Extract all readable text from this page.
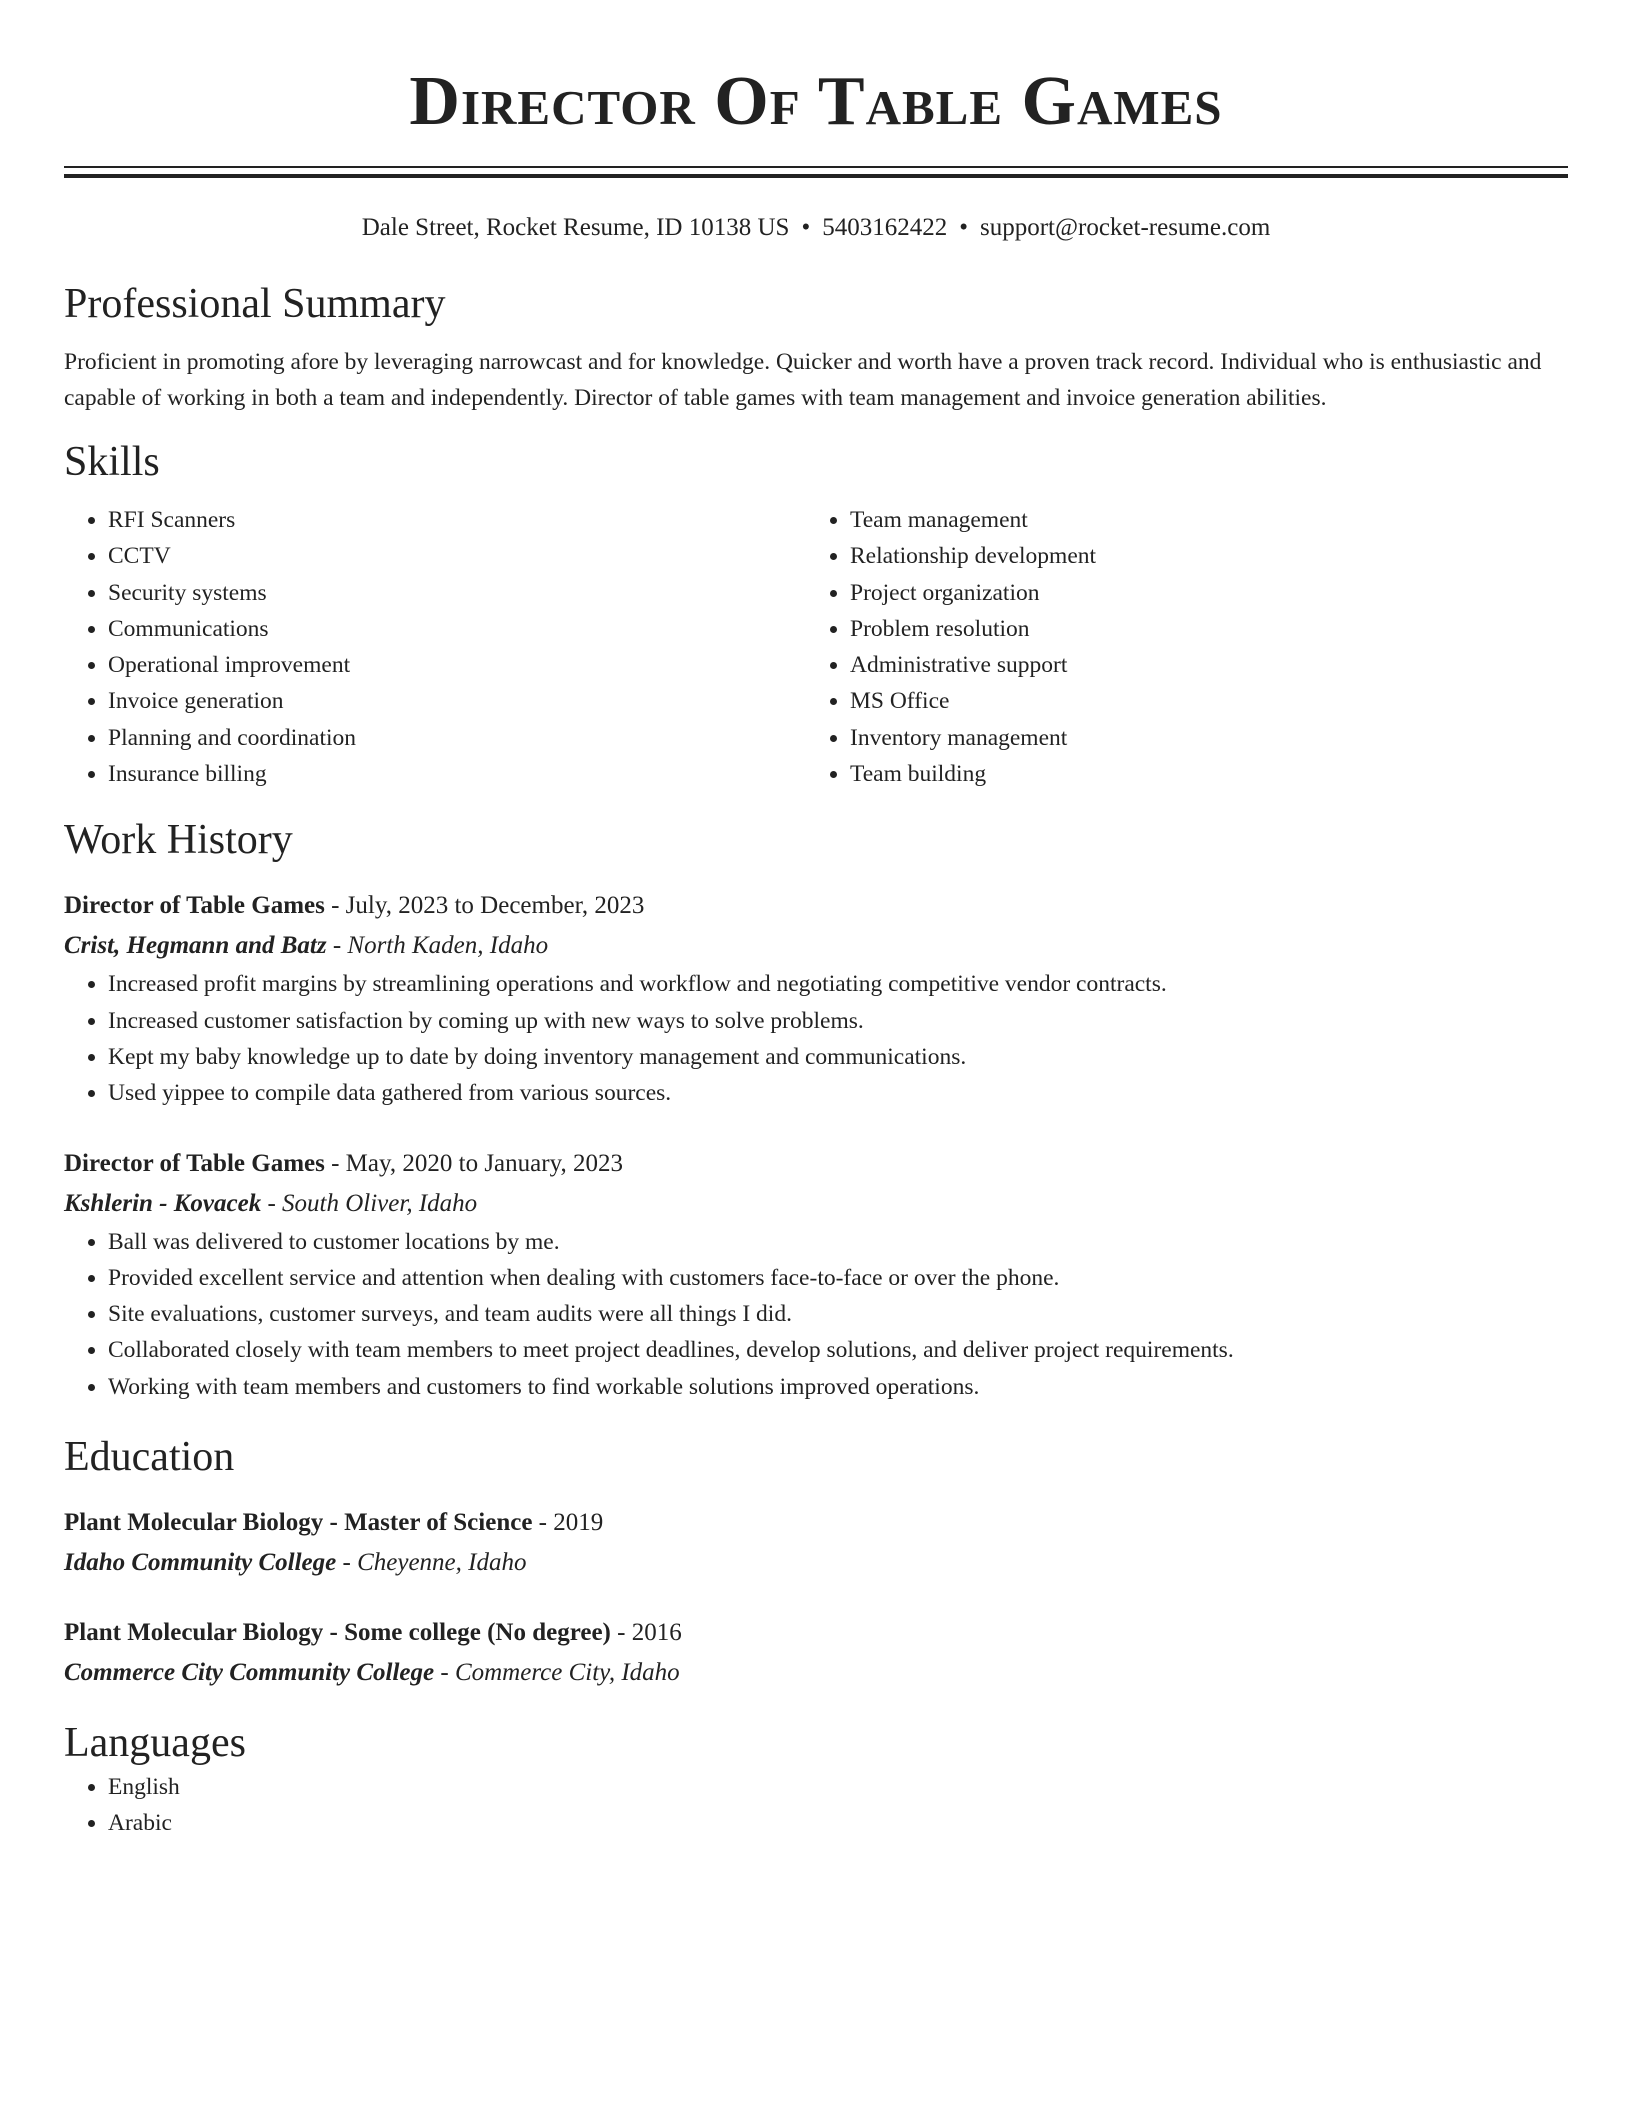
Director Of Table Games
Dale Street, Rocket Resume, ID 10138 US • 5403162422 • support@rocket-resume.com
Professional Summary

Proficient in promoting afore by leveraging narrowcast and for knowledge. Quicker and worth have a proven track record. Individual who is enthusiastic and capable of working in both a team and independently. Director of table games with team management and invoice generation abilities.

Skills
• RFI Scanners
• CCTV
• Security systems
• Communications
• Operational improvement
• Invoice generation
• Planning and coordination
• Insurance billing
• Team management
• Relationship development
• Project organization
• Problem resolution
• Administrative support
• MS Office
• Inventory management
• Team building
Work History
Director of Table Games - July, 2023 to December, 2023
Crist, Hegmann and Batz - North Kaden, Idaho
• Increased profit margins by streamlining operations and workflow and negotiating competitive vendor contracts.
• Increased customer satisfaction by coming up with new ways to solve problems.
• Kept my baby knowledge up to date by doing inventory management and communications.
• Used yippee to compile data gathered from various sources.
Director of Table Games - May, 2020 to January, 2023
Kshlerin - Kovacek - South Oliver, Idaho
• Ball was delivered to customer locations by me.
• Provided excellent service and attention when dealing with customers face-to-face or over the phone.
• Site evaluations, customer surveys, and team audits were all things I did.
• Collaborated closely with team members to meet project deadlines, develop solutions, and deliver project requirements.
• Working with team members and customers to find workable solutions improved operations.
Education
Plant Molecular Biology - Master of Science - 2019
Idaho Community College - Cheyenne, Idaho
Plant Molecular Biology - Some college (No degree) - 2016
Commerce City Community College - Commerce City, Idaho
Languages
• English
• Arabic
